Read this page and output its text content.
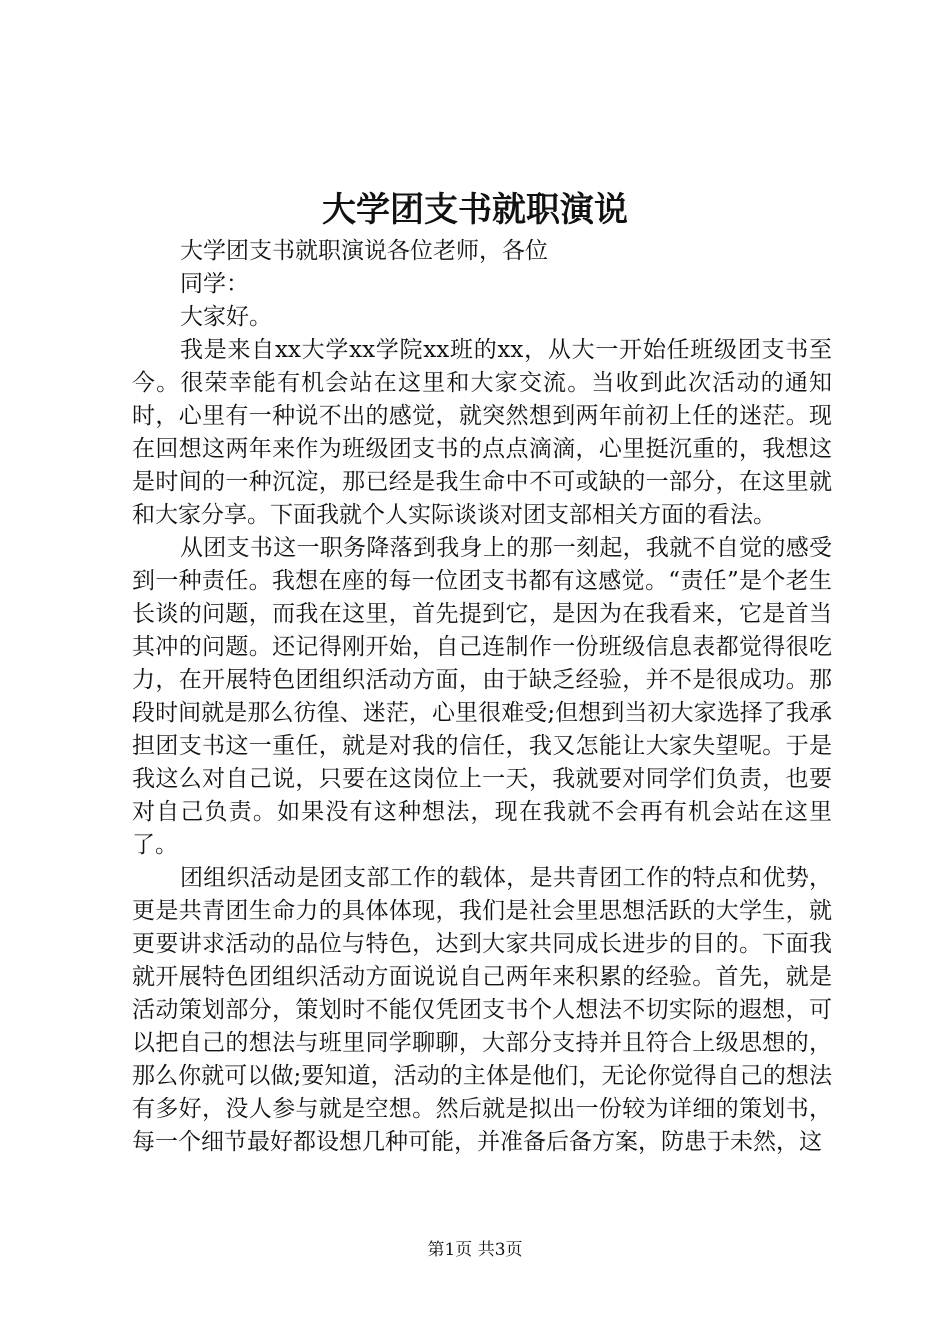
大学团支书就职演说

大学团支书就职演说各位老师，各位

同学：

大家好。

我是来自xx大学xx学院xx班的xx，从大一开始任班级团支书至今。很荣幸能有机会站在这里和大家交流。当收到此次活动的通知时，心里有一种说不出的感觉，就突然想到两年前初上任的迷茫。现在回想这两年来作为班级团支书的点点滴滴，心里挺沉重的，我想这是时间的一种沉淀，那已经是我生命中不可或缺的一部分，在这里就和大家分享。下面我就个人实际谈谈对团支部相关方面的看法。

从团支书这一职务降落到我身上的那一刻起，我就不自觉的感受到一种责任。我想在座的每一位团支书都有这感觉。“责任”是个老生长谈的问题，而我在这里，首先提到它，是因为在我看来，它是首当其冲的问题。还记得刚开始，自己连制作一份班级信息表都觉得很吃力，在开展特色团组织活动方面，由于缺乏经验，并不是很成功。那段时间就是那么彷徨、迷茫，心里很难受;但想到当初大家选择了我承担团支书这一重任，就是对我的信任，我又怎能让大家失望呢。于是我这么对自己说，只要在这岗位上一天，我就要对同学们负责，也要对自己负责。如果没有这种想法，现在我就不会再有机会站在这里了。

团组织活动是团支部工作的载体，是共青团工作的特点和优势，更是共青团生命力的具体体现，我们是社会里思想活跃的大学生，就更要讲求活动的品位与特色，达到大家共同成长进步的目的。下面我就开展特色团组织活动方面说说自己两年来积累的经验。首先，就是活动策划部分，策划时不能仅凭团支书个人想法不切实际的遐想，可以把自己的想法与班里同学聊聊，大部分支持并且符合上级思想的，那么你就可以做;要知道，活动的主体是他们，无论你觉得自己的想法有多好，没人参与就是空想。然后就是拟出一份较为详细的策划书，每一个细节最好都设想几种可能，并准备后备方案，防患于未然，这

第1页 共3页
